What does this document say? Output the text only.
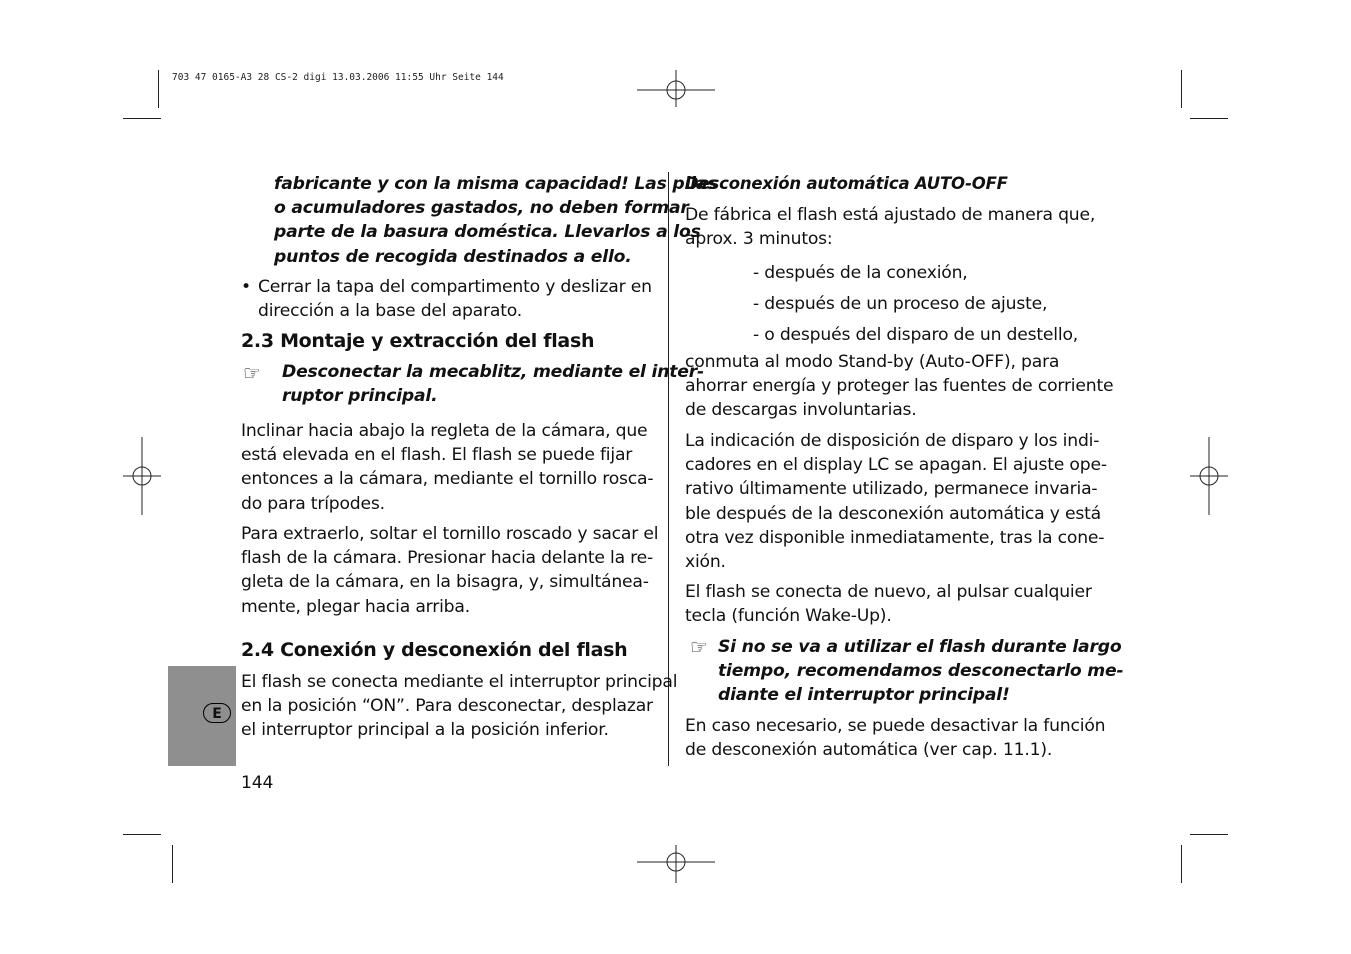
703 47 0165-A3 28 CS-2 digi 13.03.2006 11:55 Uhr Seite 144
E
fabricante y con la misma capacidad! Las pilas
o acumuladores gastados, no deben formar
parte de la basura doméstica. Llevarlos a los
puntos de recogida destinados a ello.
• Cerrar la tapa del compartimento y deslizar en
dirección a la base del aparato.
2.3 Montaje y extracción del flash
☞ Desconectar la mecablitz, mediante el inter-
ruptor principal.
Inclinar hacia abajo la regleta de la cámara, que
está elevada en el flash. El flash se puede fijar
entonces a la cámara, mediante el tornillo rosca-
do para trípodes.
Para extraerlo, soltar el tornillo roscado y sacar el
flash de la cámara. Presionar hacia delante la re-
gleta de la cámara, en la bisagra, y, simultánea-
mente, plegar hacia arriba.
2.4 Conexión y desconexión del flash
El flash se conecta mediante el interruptor principal
en la posición “ON”. Para desconectar, desplazar
el interruptor principal a la posición inferior.
144
Desconexión automática AUTO-OFF
De fábrica el flash está ajustado de manera que,
aprox. 3 minutos:
- después de la conexión,
- después de un proceso de ajuste,
- o después del disparo de un destello,
conmuta al modo Stand-by (Auto-OFF), para
ahorrar energía y proteger las fuentes de corriente
de descargas involuntarias.
La indicación de disposición de disparo y los indi-
cadores en el display LC se apagan. El ajuste ope-
rativo últimamente utilizado, permanece invaria-
ble después de la desconexión automática y está
otra vez disponible inmediatamente, tras la cone-
xión.
El flash se conecta de nuevo, al pulsar cualquier
tecla (función Wake-Up).
☞ Si no se va a utilizar el flash durante largo
tiempo, recomendamos desconectarlo me-
diante el interruptor principal!
En caso necesario, se puede desactivar la función
de desconexión automática (ver cap. 11.1).
